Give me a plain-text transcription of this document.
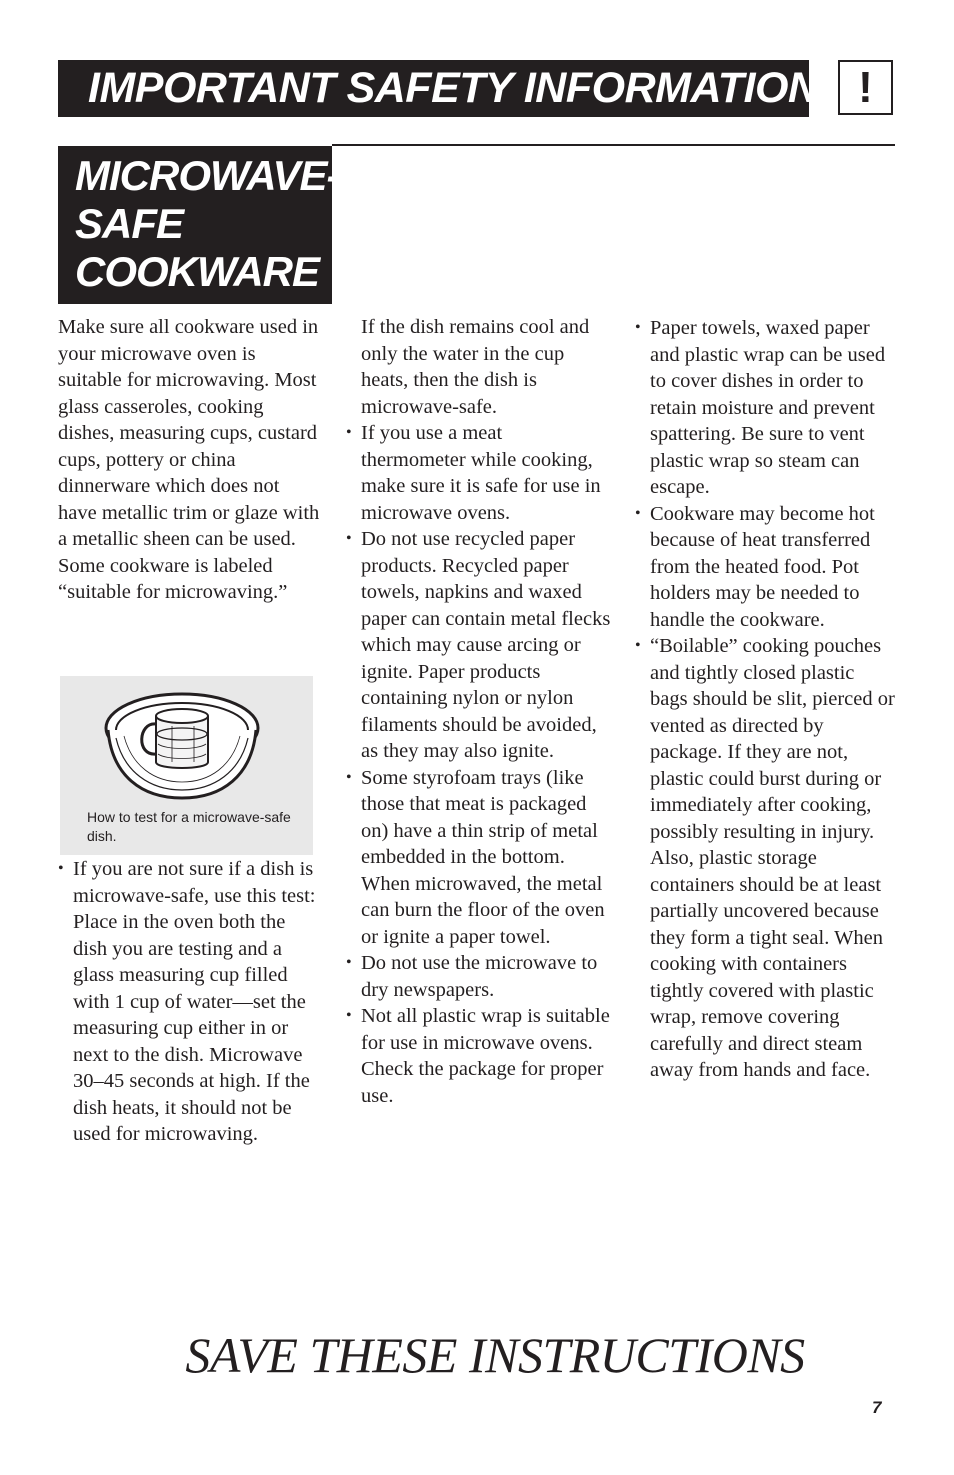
IMPORTANT SAFETY INFORMATION !
MICROWAVE-
SAFE
COOKWARE

Make sure all cookware used in your microwave oven is suitable for microwaving. Most glass casseroles, cooking dishes, measuring cups, custard cups, pottery or china dinnerware which does not have metallic trim or glaze with a metallic sheen can be used. Some cookware is labeled “suitable for microwaving.”

How to test for a microwave-safe dish.

• If you are not sure if a dish is microwave-safe, use this test: Place in the oven both the dish you are testing and a glass measuring cup filled with 1 cup of water—set the measuring cup either in or next to the dish. Microwave 30–45 seconds at high. If the dish heats, it should not be used for microwaving.

If the dish remains cool and only the water in the cup heats, then the dish is microwave-safe.

• If you use a meat thermometer while cooking, make sure it is safe for use in microwave ovens.

• Do not use recycled paper products. Recycled paper towels, napkins and waxed paper can contain metal flecks which may cause arcing or ignite. Paper products containing nylon or nylon filaments should be avoided, as they may also ignite.

• Some styrofoam trays (like those that meat is packaged on) have a thin strip of metal embedded in the bottom. When microwaved, the metal can burn the floor of the oven or ignite a paper towel.

• Do not use the microwave to dry newspapers.

• Not all plastic wrap is suitable for use in microwave ovens. Check the package for proper use.

• Paper towels, waxed paper and plastic wrap can be used to cover dishes in order to retain moisture and prevent spattering. Be sure to vent plastic wrap so steam can escape.

• Cookware may become hot because of heat transferred from the heated food. Pot holders may be needed to handle the cookware.

• “Boilable” cooking pouches and tightly closed plastic bags should be slit, pierced or vented as directed by package. If they are not, plastic could burst during or immediately after cooking, possibly resulting in injury. Also, plastic storage containers should be at least partially uncovered because they form a tight seal. When cooking with containers tightly covered with plastic wrap, remove covering carefully and direct steam away from hands and face.

SAVE THESE INSTRUCTIONS
7
